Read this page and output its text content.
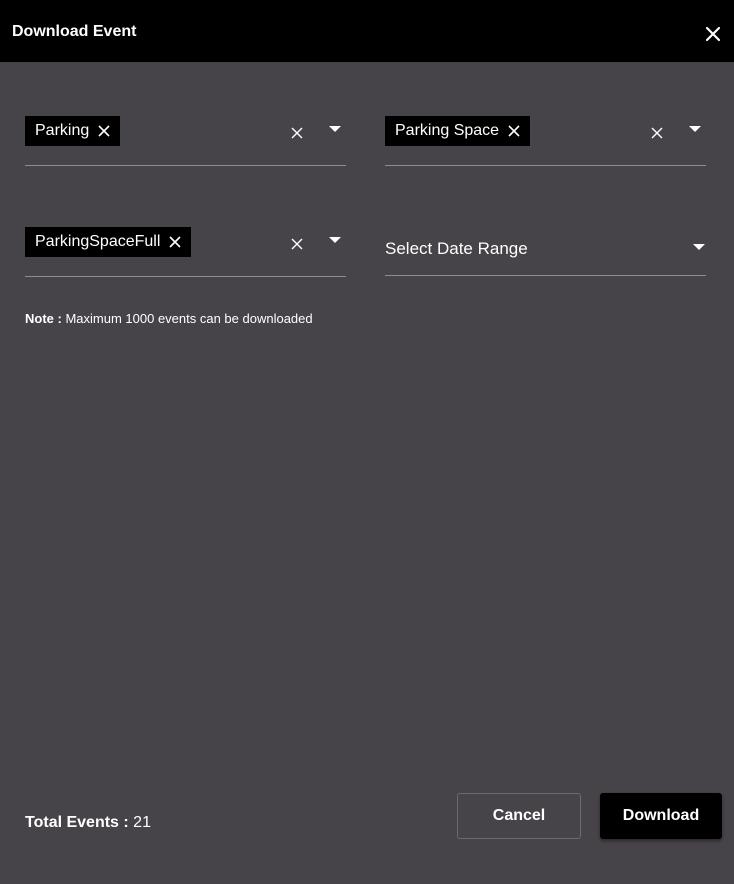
Download Event
Parking	Parking Space
ParkingSpaceFull	Select Date Range
Note : Maximum 1000 events can be downloaded
Total Events : 21	Cancel	Download
